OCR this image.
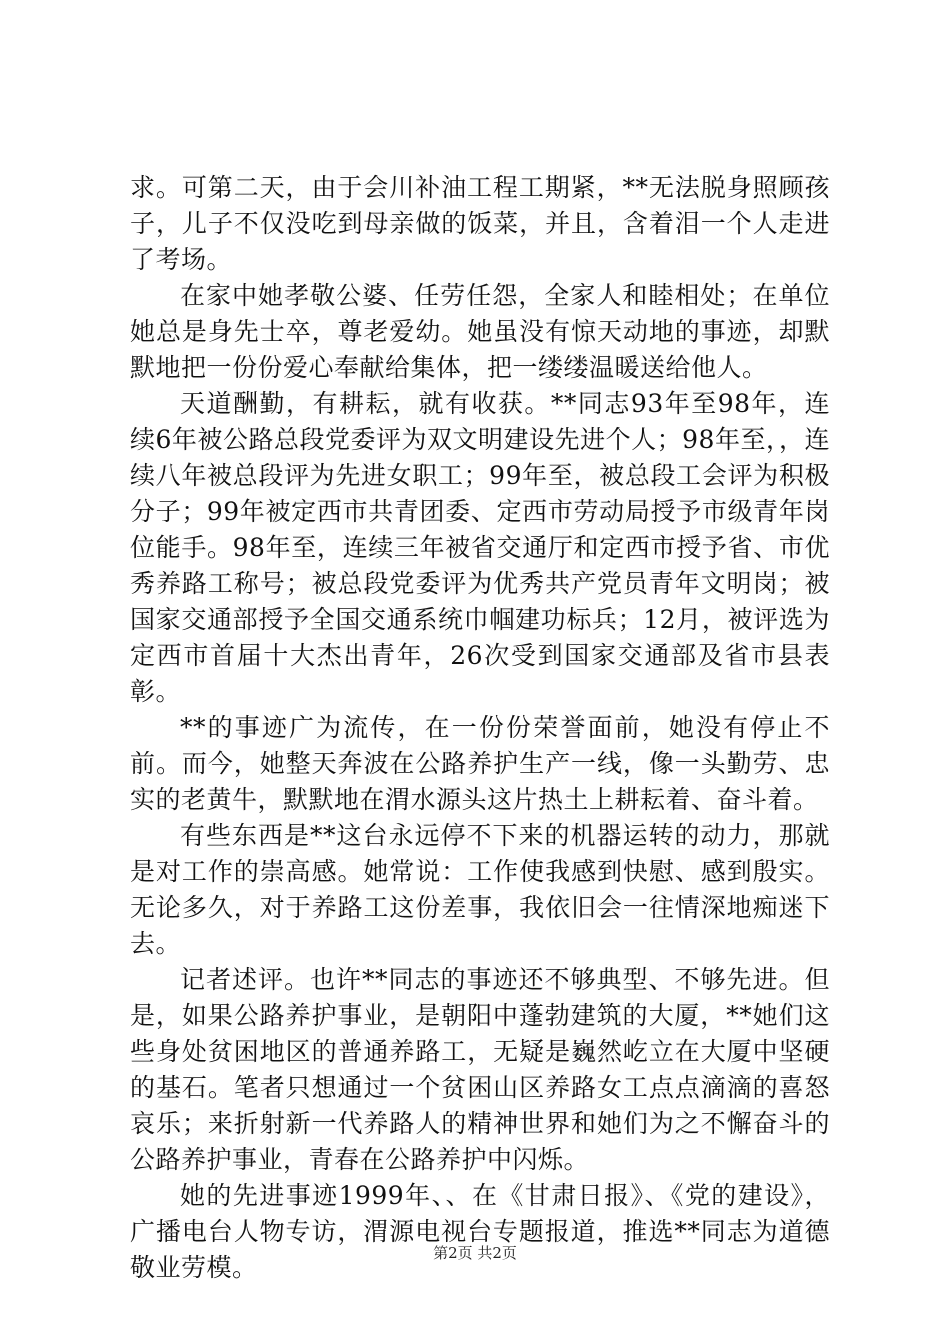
求。可第二天，由于会川补油工程工期紧，**无法脱身照顾孩子，儿子不仅没吃到母亲做的饭菜，并且，含着泪一个人走进了考场。

在家中她孝敬公婆、任劳任怨，全家人和睦相处；在单位她总是身先士卒，尊老爱幼。她虽没有惊天动地的事迹，却默默地把一份份爱心奉献给集体，把一缕缕温暖送给他人。

天道酬勤，有耕耘，就有收获。**同志93年至98年，连续6年被公路总段党委评为双文明建设先进个人；98年至，，连续八年被总段评为先进女职工；99年至，被总段工会评为积极分子；99年被定西市共青团委、定西市劳动局授予市级青年岗位能手。98年至，连续三年被省交通厅和定西市授予省、市优秀养路工称号；被总段党委评为优秀共产党员青年文明岗；被国家交通部授予全国交通系统巾帼建功标兵；12月，被评选为定西市首届十大杰出青年，26次受到国家交通部及省市县表彰。

**的事迹广为流传，在一份份荣誉面前，她没有停止不前。而今，她整天奔波在公路养护生产一线，像一头勤劳、忠实的老黄牛，默默地在渭水源头这片热土上耕耘着、奋斗着。

有些东西是**这台永远停不下来的机器运转的动力，那就是对工作的崇高感。她常说：工作使我感到快慰、感到殷实。无论多久，对于养路工这份差事，我依旧会一往情深地痴迷下去。

记者述评。也许**同志的事迹还不够典型、不够先进。但是，如果公路养护事业，是朝阳中蓬勃建筑的大厦，**她们这些身处贫困地区的普通养路工，无疑是巍然屹立在大厦中坚硬的基石。笔者只想通过一个贫困山区养路女工点点滴滴的喜怒哀乐；来折射新一代养路人的精神世界和她们为之不懈奋斗的公路养护事业，青春在公路养护中闪烁。

她的先进事迹1999年、、在《甘肃日报》、《党的建设》，广播电台人物专访，渭源电视台专题报道，推选**同志为道德敬业劳模。	第2页 共2页
